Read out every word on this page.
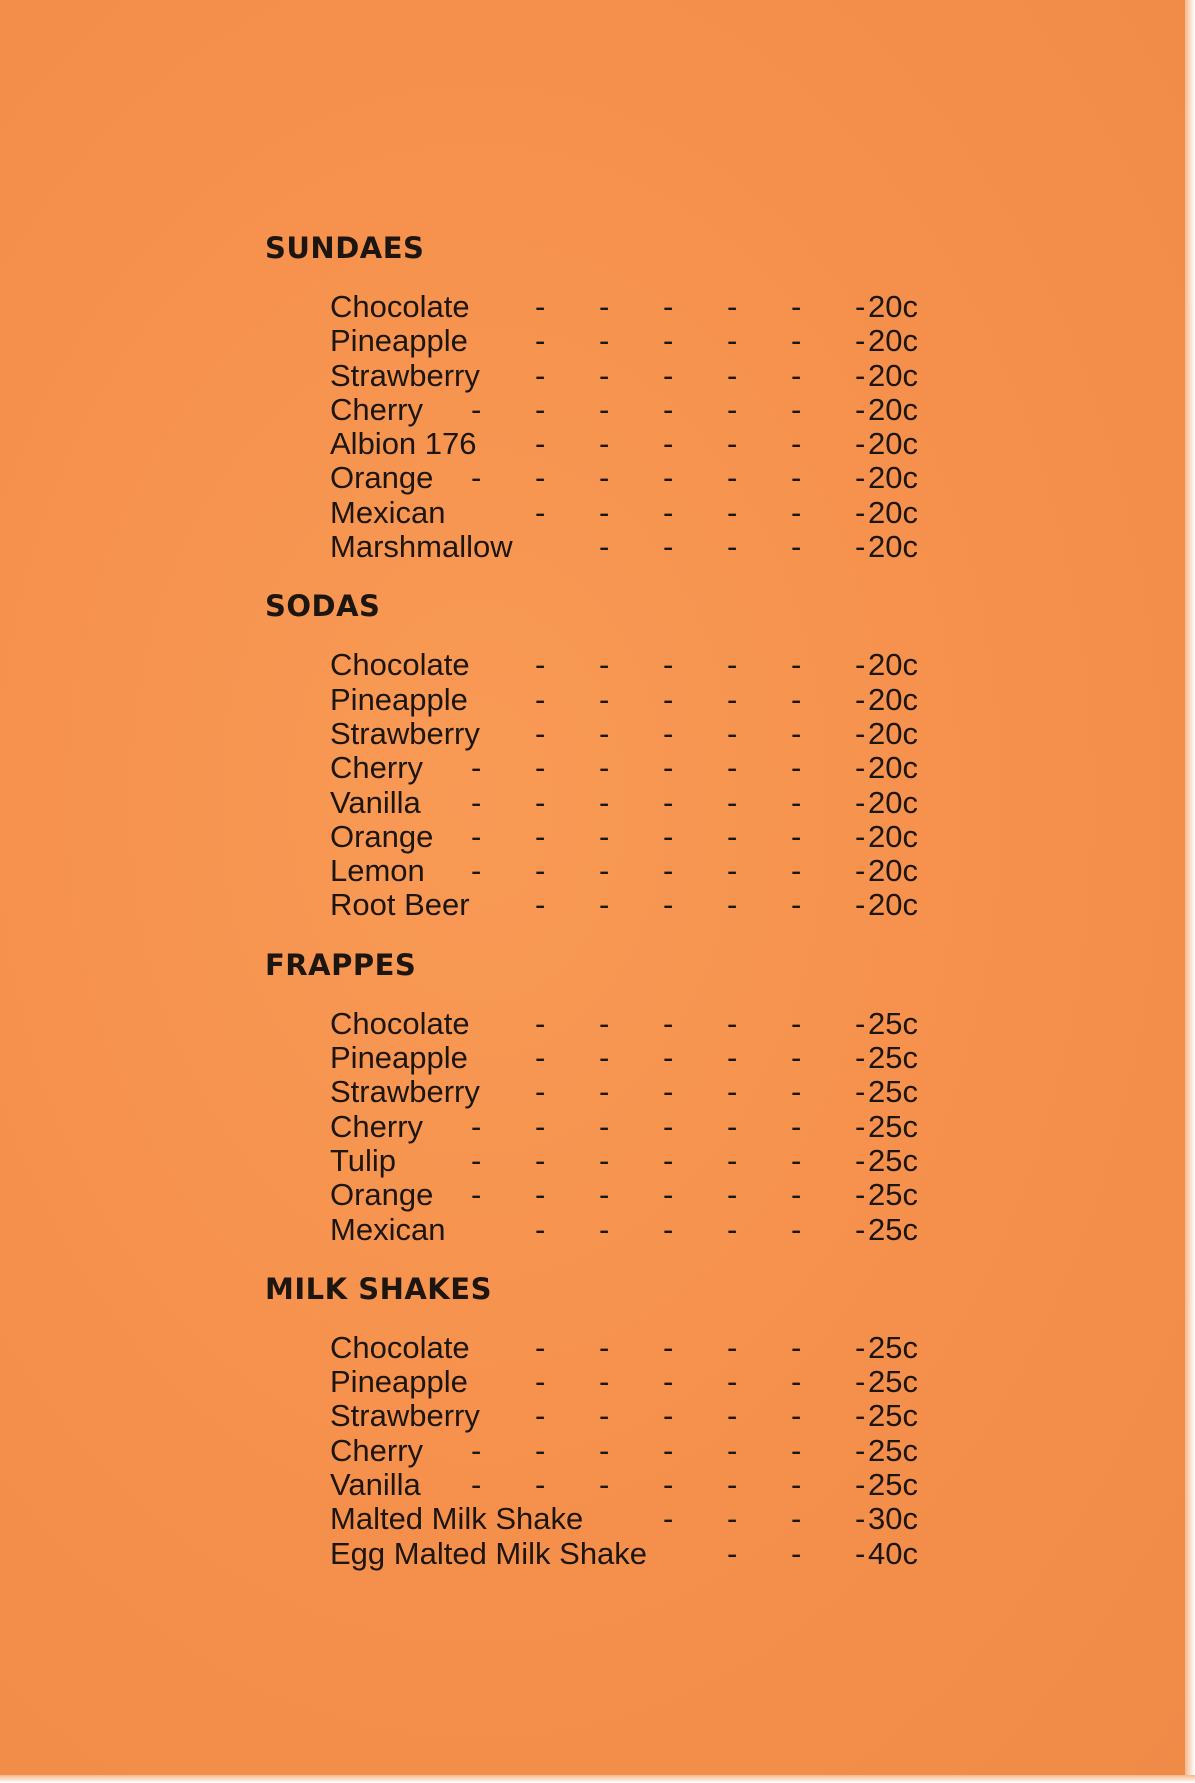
SUNDAES
Chocolate - - - - - - 20c
Pineapple - - - - - - 20c
Strawberry - - - - - - 20c
Cherry - - - - - - - 20c
Albion 176 - - - - - - 20c
Orange - - - - - - - 20c
Mexican	- - - - - - 20c
Marshmallow	- - - - - 20c
SODAS
Chocolate - - - - - - 20c
Pineapple - - - - - - 20c
Strawberry - - - - - - 20c
Cherry - - - - - - - 20c
Vanilla - - - - - - - 20c
Orange - - - - - - - 20c
Lemon - - - - - - - 20c
Root Beer - - - - - - 20c
FRAPPES
Chocolate - - - - - - 25c
Pineapple - - - - - - 25c
Strawberry - - - - - - 25c
Cherry - - - - - - - 25c
Tulip - - - - - - - 25c
Orange - - - - - - - 25c
Mexican	- - - - - - 25c
MILK SHAKES
Chocolate - - - - - - 25c
Pineapple - - - - - - 25c
Strawberry - - - - - - 25c
Cherry - - - - - - - 25c
Vanilla - - - - - - - 25c
Malted Milk Shake	- - - - 30c
Egg Malted Milk Shake	- - - 40c
